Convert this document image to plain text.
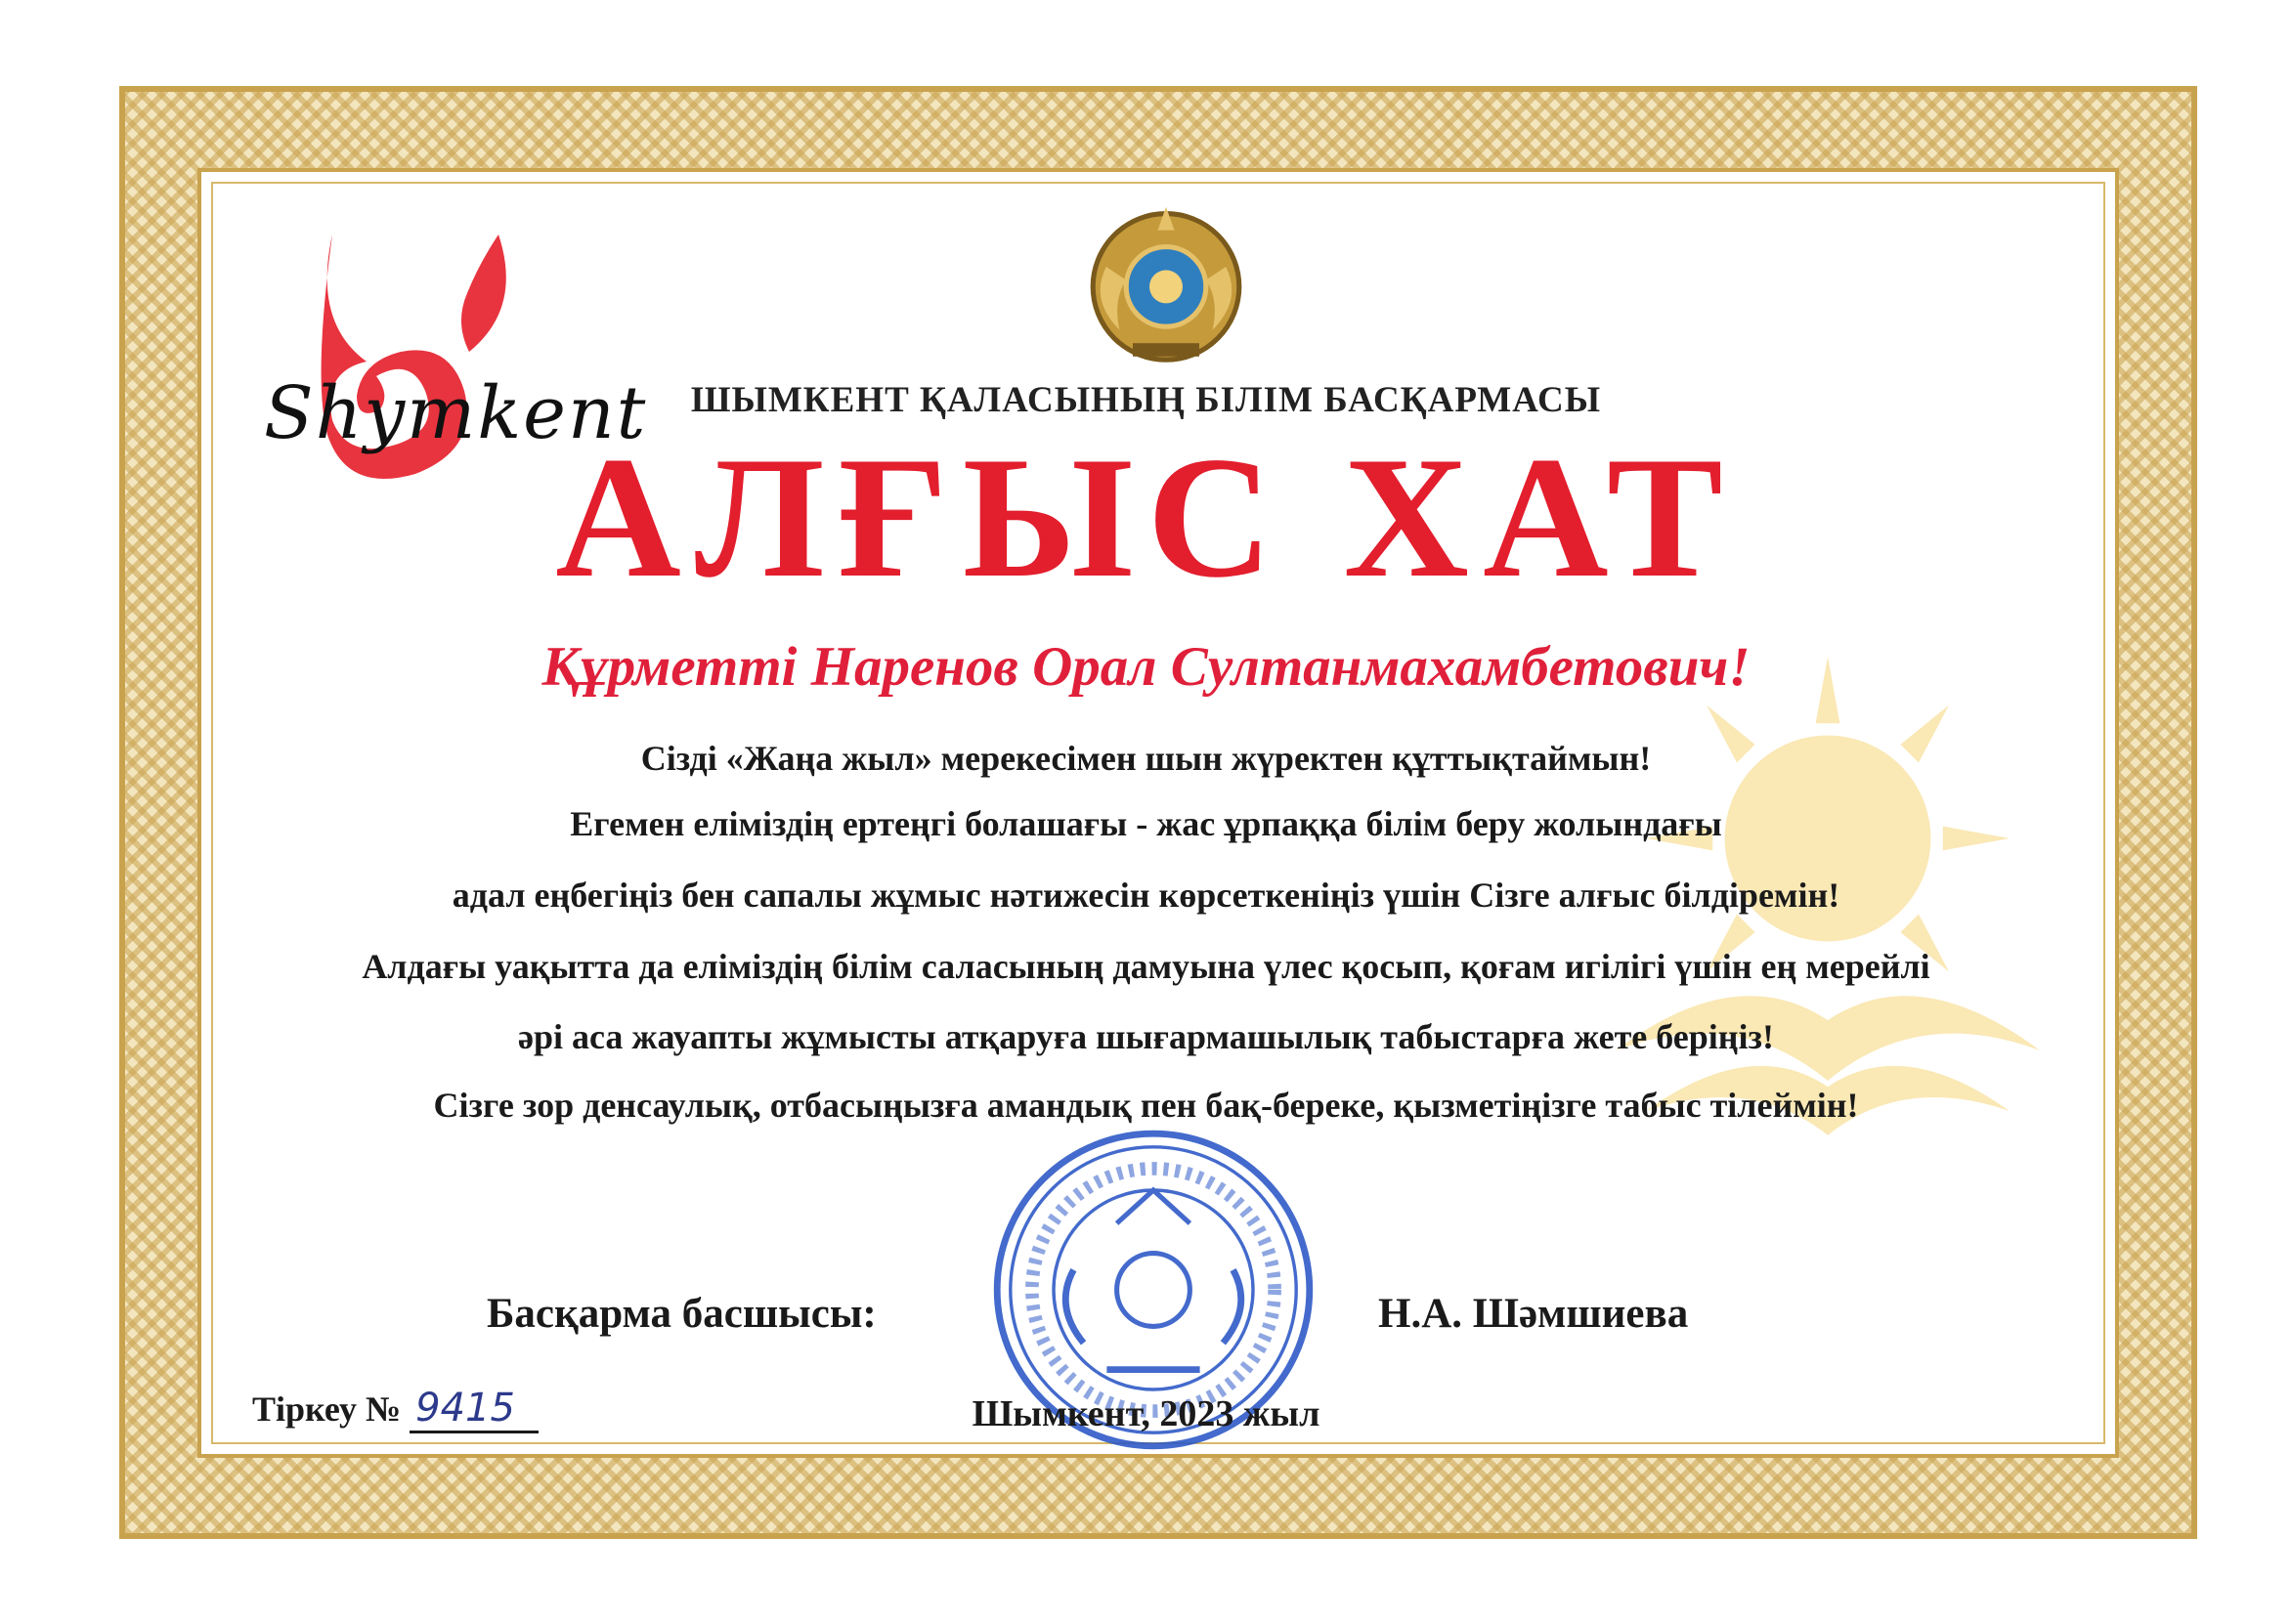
Shymkent	ШЫМКЕНТ ҚАЛАСЫНЫҢ БІЛІМ БАСҚАРМАСЫ
АЛҒЫС ХАТ
Құрметті Наренов Орал Султанмахамбетович!
Сізді «Жаңа жыл» мерекесімен шын жүректен құттықтаймын!
Егемен еліміздің ертеңгі болашағы - жас ұрпаққа білім беру жолындағы
адал еңбегіңіз бен сапалы жұмыс нәтижесін көрсеткеніңіз үшін Сізге алғыс білдіремін!
Алдағы уақытта да еліміздің білім саласының дамуына үлес қосып, қоғам игілігі үшін ең мерейлі
әрі аса жауапты жұмысты атқаруға шығармашылық табыстарға жете беріңіз!
Сізге зор денсаулық, отбасыңызға амандық пен бақ-береке, қызметіңізге табыс тілеймін!
Басқарма басшысы:	Н.А. Шәмшиева
Тіркеу № 9415	Шымкент, 2023 жыл
